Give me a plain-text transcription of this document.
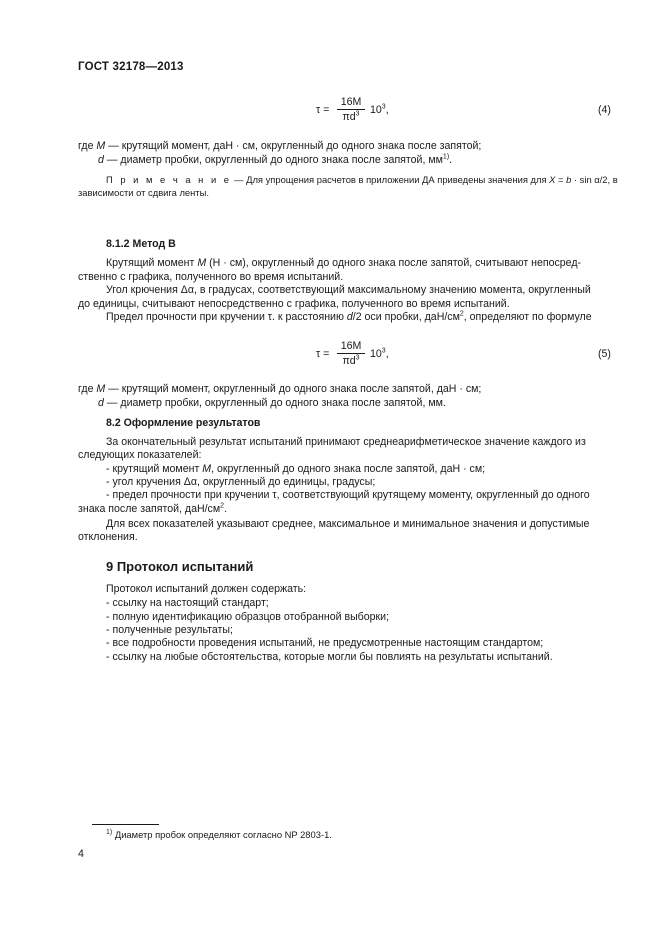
ГОСТ 32178—2013
$\tau = \frac{16M}{\pi d^3} 10^3$,	(4)
где M — крутящий момент, даН · см, округленный до одного знака после запятой;
d — диаметр пробки, округленный до одного знака после запятой, $мм^{1)}$.
П р и м е ч а н и е — Для упрощения расчетов в приложении ДА приведены значения для X = b · sin α/2, в
зависимости от сдвига ленты.
8.1.2 Метод В
Крутящий момент M (Н · см), округленный до одного знака после запятой, считывают непосред-
ственно с графика, полученного во время испытаний.
Угол крючения Δα, в градусах, соответствующий максимальному значению момента, округленный
до единицы, считывают непосредственно с графика, полученного во время испытаний.
Предел прочности при кручении τ. к расстоянию d/2 оси пробки, даН/$см^2$, определяют по формуле
$\tau = \frac{16M}{\pi d^3} 10^3$,	(5)
где M — крутящий момент, округленный до одного знака после запятой, даН · см;
d — диаметр пробки, округленный до одного знака после запятой, мм.
8.2 Оформление результатов
За окончательный результат испытаний принимают среднеарифметическое значение каждого из
следующих показателей:
- крутящий момент M, округленный до одного знака после запятой, даН · см;
- угол кручения Δα, округленный до единицы, градусы;
- предел прочности при кручении τ, соответствующий крутящему моменту, округленный до одного
знака после запятой, даН/$см^2$.
Для всех показателей указывают среднее, максимальное и минимальное значения и допустимые
отклонения.
9 Протокол испытаний
Протокол испытаний должен содержать:
- ссылку на настоящий стандарт;
- полную идентификацию образцов отобранной выборки;
- полученные результаты;
- все подробности проведения испытаний, не предусмотренные настоящим стандартом;
- ссылку на любые обстоятельства, которые могли бы повлиять на результаты испытаний.
$^{1)}$ Диаметр пробок определяют согласно NP 2803-1.
4
